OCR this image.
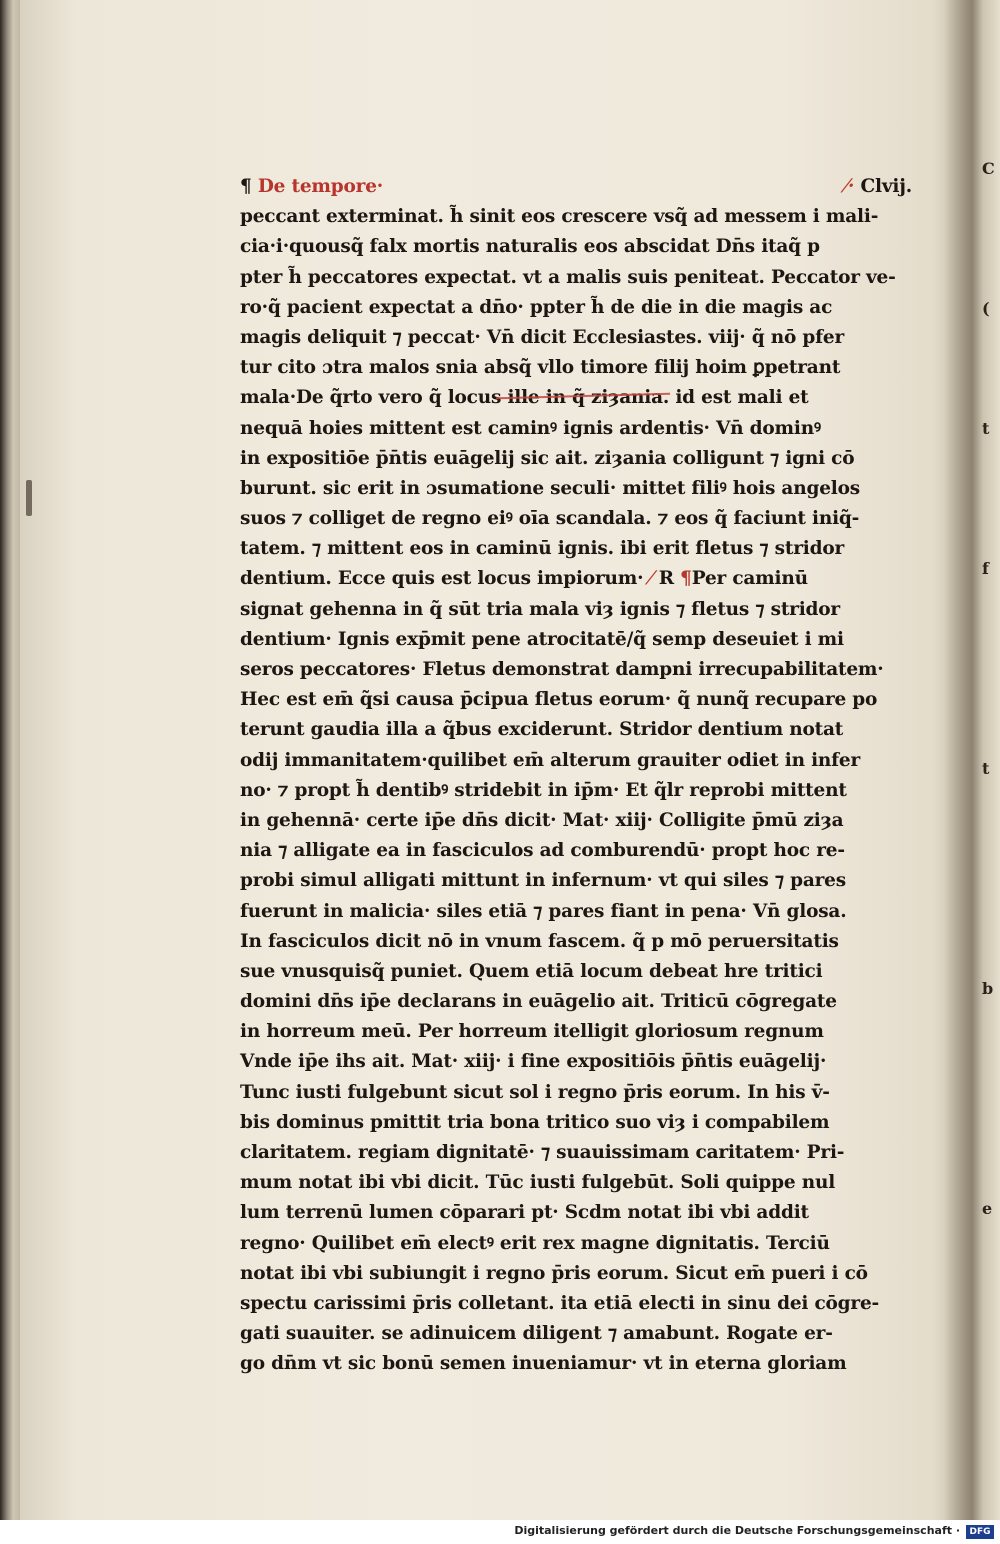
C
(
t
f
t
b
e
¶ De tempore·	⁄· Clvij.
peccant exterminat. h̃ sinit eos crescere vsq̃ ad messem i mali-
cia·i·quousq̃ falx mortis naturalis eos abscidat Dn̄s itaq̃ p
pter h̃ peccatores expectat. vt a malis suis peniteat. Peccator ve-
ro·q̃ pacient expectat a dn̄o· ppter h̃ de die in die magis ac
magis deliquit ⁊ peccat· Vn̄ dicit Ecclesiastes. viij· q̃ nō pfer
tur cito ɔtra malos snia absq̃ vllo timore filij hoim ꝑpetrant
mala·De q̃rto vero q̃ locus ille in q̃ ziȝania. id est mali et
nequā hoies mittent est caminꝰ ignis ardentis· Vn̄ dominꝰ
in expositiōe p̄n̄tis euāgelij sic ait. ziȝania colligunt ⁊ igni cō
burunt. sic erit in ɔsumatione seculi· mittet filiꝰ hois angelos
suos ⁊ colliget de regno eiꝰ oīa scandala. ⁊ eos q̃ faciunt iniq̃-
tatem. ⁊ mittent eos in caminū ignis. ibi erit fletus ⁊ stridor
dentium. Ecce quis est locus impiorum· ⁄ R ¶Per caminū
signat gehenna in q̃ sūt tria mala viȝ ignis ⁊ fletus ⁊ stridor
dentium· Ignis exp̄mit pene atrocitatē/q̃ semp deseuiet i mi
seros peccatores· Fletus demonstrat dampni irrecupabilitatem·
Hec est em̄ q̃si causa p̄cipua fletus eorum· q̃ nunq̃ recupare po
terunt gaudia illa a q̃bus exciderunt. Stridor dentium notat
odij immanitatem·quilibet em̄ alterum grauiter odiet in infer
no· ⁊ propt h̃ dentibꝰ stridebit in ip̄m· Et q̃lr reprobi mittent
in gehennā· certe ip̄e dn̄s dicit· Mat· xiij· Colligite p̄mū ziȝa
nia ⁊ alligate ea in fasciculos ad comburendū· propt hoc re-
probi simul alligati mittunt in infernum· vt qui siles ⁊ pares
fuerunt in malicia· siles etiā ⁊ pares fiant in pena· Vn̄ glosa.
In fasciculos dicit nō in vnum fascem. q̃ p mō peruersitatis
sue vnusquisq̃ puniet. Quem etiā locum debeat hre tritici
domini dn̄s ip̄e declarans in euāgelio ait. Triticū cōgregate
in horreum meū. Per horreum itelligit gloriosum regnum
Vnde ip̄e ihs ait. Mat· xiij· i fine expositiōis p̄n̄tis euāgelij·
Tunc iusti fulgebunt sicut sol i regno p̄ris eorum. In his v̄-
bis dominus pmittit tria bona tritico suo viȝ i compabilem
claritatem. regiam dignitatē· ⁊ suauissimam caritatem· Pri-
mum notat ibi vbi dicit. Tūc iusti fulgebūt. Soli quippe nul
lum terrenū lumen cōparari pt· Scdm notat ibi vbi addit
regno· Quilibet em̄ electꝰ erit rex magne dignitatis. Terciū
notat ibi vbi subiungit i regno p̄ris eorum. Sicut em̄ pueri i cō
spectu carissimi p̄ris colletant. ita etiā electi in sinu dei cōgre-
gati suauiter. se adinuicem diligent ⁊ amabunt. Rogate er-
go dn̄m vt sic bonū semen inueniamur· vt in eterna gloriam
Digitalisierung gefördert durch die Deutsche Forschungsgemeinschaft ·	DFG
